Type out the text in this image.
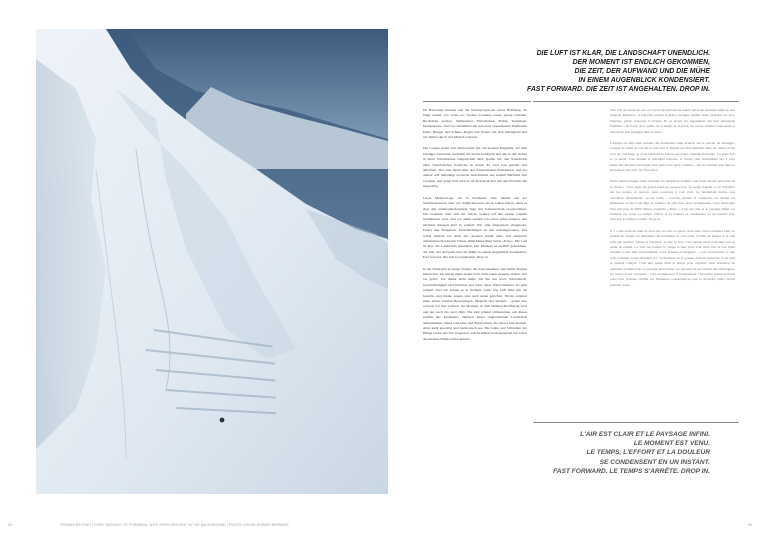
DIE LUFT IST KLAR, DIE LANDSCHAFT UNENDLICH.
DER MOMENT IST ENDLICH GEKOMMEN,
DIE ZEIT, DER AUFWAND UND DIE MÜHE
IN EINEM AUGENBLICK KONDENSIERT.
FAST FORWARD. DIE ZEIT IST ANGEHALTEN. DROP IN.

Im Basecamp machen uns die Wetterprognosen etwas Hoffnung. Es fängt wieder von vorne an: Sachen trocknen, essen, genug schlafen, Rucksäcke packen, Seilmaterial, Harscheisen, Pickel, Steigeisen, Daunenjacke. Und das zusammen mit den zwei bekanntesten Elementen Kälte, Hunger und Schnee. Regen und Sonne: wir sich hinsingend und wir immer durch viel Matsch wattend.

Die Gruppe kennt sich mittlerweile gut. Im zweiten Hagkamp auf dem Jalungpo-Gletscher, nachdem die Sonne untergeht und alle in den Zelten in ihren Schlafsäcken eingewickelt sind, glaube ich, den Soundtrack einer französischen Komödie zu hören. Es wird laut geredet und debattiert. Der eine flucht über den französischen Präsidenten, und der andere will unbedingt erotische Geschichten aus seinem Büchlein laut vorlesen. Auf jeden Fall wird es im Kokohaal-Tou mit den Franchis nie langweilig.

Unser Meteorologe, der in Chamonix sitzt, meldet uns per Satellitentelefon, dass wir möglicherweise etwas Glück haben, denn es sind drei aufeinanderfolgende Tage mit Sonnenschein prognostiziert. Das bedeutet, dass sich der frische Schnee auf den steilen Gipfeln stabilisieren wird, und vor allem werden wir etwas sehen können. Am nächsten Morgen geht es schnell. Wir sind eingespielt: eingepackt, Pickel und Steigeisen. Entscheidungen zu den Aufstiegsrouten, und schon befinde ich mich am obersten Punkt einer fast senkrecht abfallenden Nordwand. Dieser 4000-Meter-Berg heisst «Pony». Die Luft ist klar, die Landschaft unendlich. Der Moment ist endlich gekommen, die Zeit, der Aufwand und die Mühe in einem Augenblick kondensiert. Fast forward. Die Zeit ist angehalten. Drop in.

In der Wand gibt es einige Stellen, die steig aussehen, aber meine Kanten halten fest. Ich mache einen ersten Turn, dann einen zweiten, dritten, und los geht's. Ich denke nicht mehr. Ich bin nur noch Schwerkraft, Geschwindigkeit und Intuition und fahre diese Wand hinunter. Es geht schnell, aber ich nehme es in Zeitlupe wahr. Die Luft bläst mir ins Gesicht, und meine Augen sind nach unten gerichtet. Nichts existiert mehr ausser meinen Bewegungen. Magisch und intensiv – genau das, wonach wir hier suchten: der Moment, in dem Denken überflüssig wird und nur noch das Jetzt zählt. Die Zeit scheint stillzustehen, um dieses Gefühl des Kleinseins inmitten dieser unglaublichen Landschaft aufzunehmen. Diese Gletscher und Bergformen, die Séracs und Spalten. Alles sieht gewaltig und harmonisch aus. Die Gütte und Schönheit der Hänge lassen uns fast vergessen, welche frühen Konsequenzen nur schon der kleinste Fehler haben könnte.

Une fois de retour au sec, on reçoit des prévisions météo qui nous donnent enfin un peu d'espoir. Rebelote : il faut faire sécher le matos, manger, dormir assez, préparer les sacs, marcher, partir, traverser la rivière. Et on ajoute les ingrédients qui sont désormais familiers : du froid, de la grêle, de la neige, de la pluie, du soleil, chanter toute seule et encore un peu patauger dans la boue.

L'équipe est déjà bien soudée. Au deuxième camp avancé, sur le glacier de Jalungpo, lorsque le soleil se couche et que tout le monde est bien emballé dans les tentes et les sacs de couchage, je crois entendre la bande son d'une comédie française. Ça parle fort et ça débat. L'un maudit le président français, et l'autre veut absolument lire à voix haute des histoires érotiques d'un petit livre qu'il a amené... On ne s'ennuie pas dans le Kokohaal-Tou avec les Frenchies.

Notre météorologue nous informe via téléphone satellite que nous aurons peut-être de la chance : trois jours de grand soleil en perspective. La neige fraîche va se stabiliser sur les pentes, et surtout, nous pourrons y voir clair. Le lendemain matin, tout s'accélère. Maintenant, on est rodés – rouvrés, piolets et crampons, on choisit les itinéraires, et me voilà déjà au sommet de cette face nord vertigineuse. Cette montagne d'un peu plus de 4000 mètres s'appelle « Pony ». L'air est clair et le paysage infini. Le moment est venu. Le temps, l'effort et la douleur se condensent en un instant. Fast forward. Le temps s'arrête. Drop in.

Il y a des endroits dans la face qui ont l'air en glace, mais mes carres tiennent bien. Je prends un virage, un deuxième, un troisième, et c'est parti. J'arrête de penser et je suis plus que gravité, vitesse et intuition. Je ride la face, c'est rapide, mais pour moi tout se passe au ralenti. Le vent me fouette le visage et mes yeux sont rivés vers le bas. Rien n'existe à part mes mouvements. C'est intense et magique – c'est exactement ce que nous sommes venus chercher ici : le moment où la pensée devient superflue et où seul le présent compte. C'est une pause dans le temps pour capturer cette sensation de petitesse au milieu de ce paysage incroyable. Les glaciers et les formes des montagnes, les séracs et les crevasses – tout est imposant et harmonieux. Ces belles pentes si lisses nous font presque oublier les fâcheuses conséquences que la moindre petite erreur pourrait avoir.

L'AIR EST CLAIR ET LE PAYSAGE INFINI.
LE MOMENT EST VENU.
LE TEMPS, L'EFFORT ET LA DOULEUR
SE CONDENSENT EN UN INSTANT.
FAST FORWARD. LE TEMPS S'ARRÊTE. DROP IN.
94	THOMAS DELFINO | FIRST DESCENT OF PYRAMIDA, WITH PONY DESCENT IN THE BACKGROUND | PHOTO: OSKAR JEREMY BERNARD	95
